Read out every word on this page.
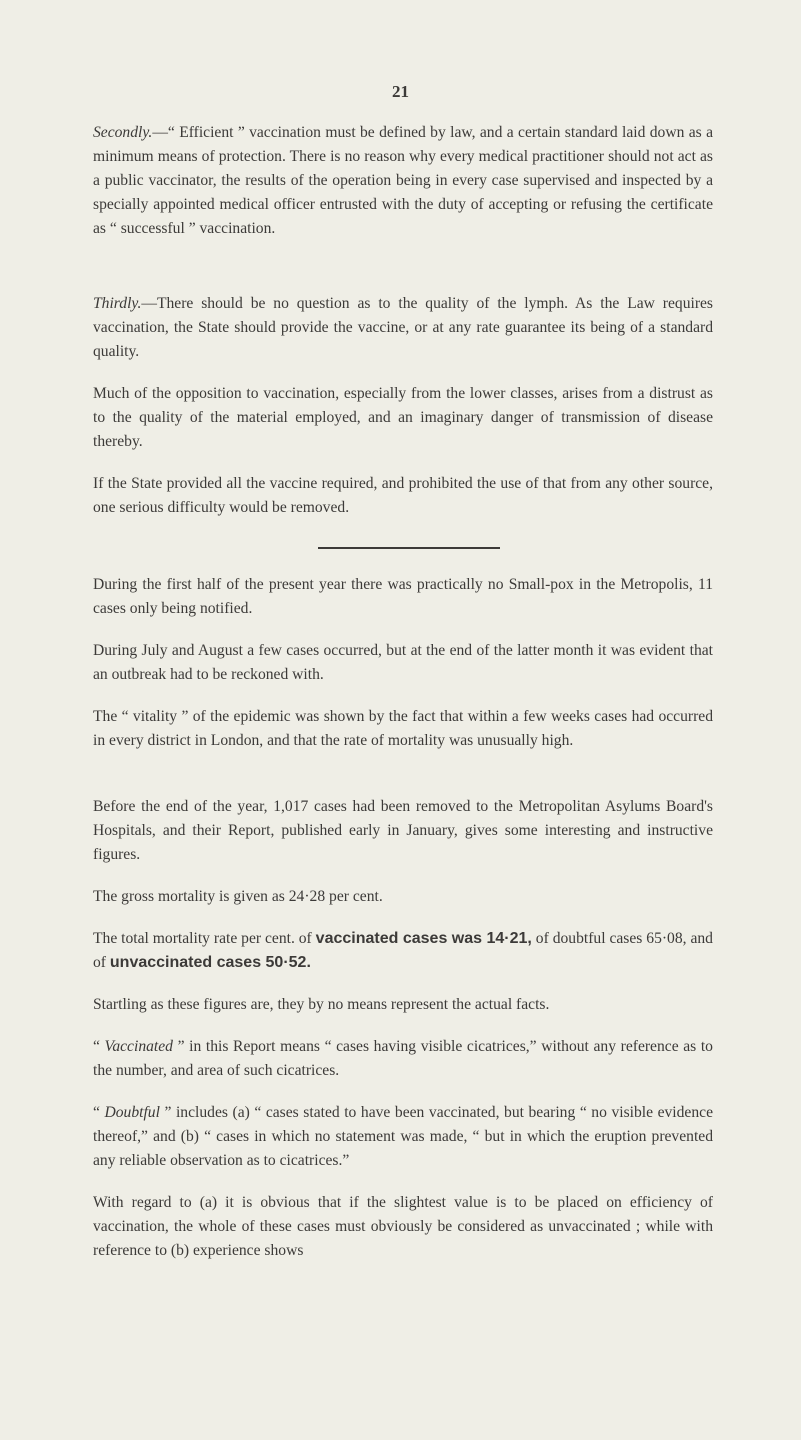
21

Secondly.—“ Efficient ” vaccination must be defined by law, and a certain standard laid down as a minimum means of protection. There is no reason why every medical practitioner should not act as a public vaccinator, the results of the operation being in every case supervised and inspected by a specially appointed medical officer entrusted with the duty of accepting or refusing the certificate as “ successful ” vaccination.

Thirdly.—There should be no question as to the quality of the lymph. As the Law requires vaccination, the State should provide the vaccine, or at any rate guarantee its being of a standard quality.

Much of the opposition to vaccination, especially from the lower classes, arises from a distrust as to the quality of the material employed, and an imaginary danger of transmission of disease thereby.

If the State provided all the vaccine required, and prohibited the use of that from any other source, one serious difficulty would be removed.

During the first half of the present year there was practically no Small-pox in the Metropolis, 11 cases only being notified.

During July and August a few cases occurred, but at the end of the latter month it was evident that an outbreak had to be reckoned with.

The “ vitality ” of the epidemic was shown by the fact that within a few weeks cases had occurred in every district in London, and that the rate of mortality was unusually high.

Before the end of the year, 1,017 cases had been removed to the Metropolitan Asylums Board's Hospitals, and their Report, published early in January, gives some interesting and instructive figures.

The gross mortality is given as 24·28 per cent.

The total mortality rate per cent. of vaccinated cases was 14·21, of doubtful cases 65·08, and of unvaccinated cases 50·52.

Startling as these figures are, they by no means represent the actual facts.

“ Vaccinated ” in this Report means “ cases having visible cicatrices,” without any reference as to the number, and area of such cicatrices.

“ Doubtful ” includes (a) “ cases stated to have been vaccinated, but bearing “ no visible evidence thereof,” and (b) “ cases in which no statement was made, “ but in which the eruption prevented any reliable observation as to cicatrices.”

With regard to (a) it is obvious that if the slightest value is to be placed on efficiency of vaccination, the whole of these cases must obviously be considered as unvaccinated ; while with reference to (b) experience shows
